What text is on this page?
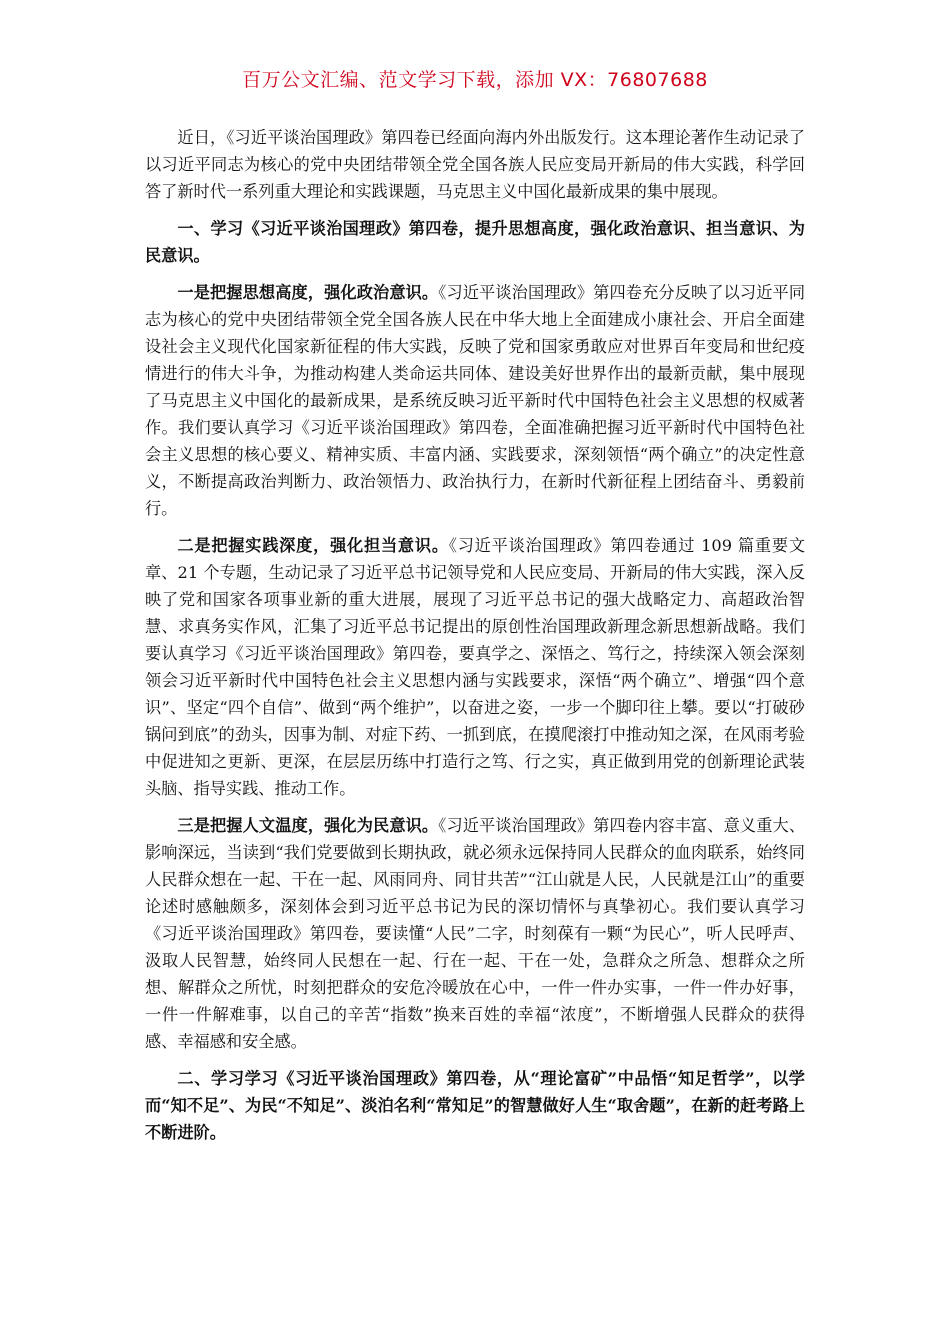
百万公文汇编、范文学习下载，添加 VX：76807688

近日，《习近平谈治国理政》第四卷已经面向海内外出版发行。这本理论著作生动记录了以习近平同志为核心的党中央团结带领全党全国各族人民应变局开新局的伟大实践，科学回答了新时代一系列重大理论和实践课题，马克思主义中国化最新成果的集中展现。

一、学习《习近平谈治国理政》第四卷，提升思想高度，强化政治意识、担当意识、为民意识。

一是把握思想高度，强化政治意识。《习近平谈治国理政》第四卷充分反映了以习近平同志为核心的党中央团结带领全党全国各族人民在中华大地上全面建成小康社会、开启全面建设社会主义现代化国家新征程的伟大实践，反映了党和国家勇敢应对世界百年变局和世纪疫情进行的伟大斗争，为推动构建人类命运共同体、建设美好世界作出的最新贡献，集中展现了马克思主义中国化的最新成果，是系统反映习近平新时代中国特色社会主义思想的权威著作。我们要认真学习《习近平谈治国理政》第四卷，全面准确把握习近平新时代中国特色社会主义思想的核心要义、精神实质、丰富内涵、实践要求，深刻领悟“两个确立”的决定性意义，不断提高政治判断力、政治领悟力、政治执行力，在新时代新征程上团结奋斗、勇毅前行。

二是把握实践深度，强化担当意识。《习近平谈治国理政》第四卷通过 109 篇重要文章、21 个专题，生动记录了习近平总书记领导党和人民应变局、开新局的伟大实践，深入反映了党和国家各项事业新的重大进展，展现了习近平总书记的强大战略定力、高超政治智慧、求真务实作风，汇集了习近平总书记提出的原创性治国理政新理念新思想新战略。我们要认真学习《习近平谈治国理政》第四卷，要真学之、深悟之、笃行之，持续深入领会深刻领会习近平新时代中国特色社会主义思想内涵与实践要求，深悟“两个确立”、增强“四个意识”、坚定“四个自信”、做到“两个维护”，以奋进之姿，一步一个脚印往上攀。要以“打破砂锅问到底”的劲头，因事为制、对症下药、一抓到底，在摸爬滚打中推动知之深，在风雨考验中促进知之更新、更深，在层层历练中打造行之笃、行之实，真正做到用党的创新理论武装头脑、指导实践、推动工作。

三是把握人文温度，强化为民意识。《习近平谈治国理政》第四卷内容丰富、意义重大、影响深远，当读到“我们党要做到长期执政，就必须永远保持同人民群众的血肉联系，始终同人民群众想在一起、干在一起、风雨同舟、同甘共苦”“江山就是人民，人民就是江山”的重要论述时感触颇多，深刻体会到习近平总书记为民的深切情怀与真挚初心。我们要认真学习《习近平谈治国理政》第四卷，要读懂“人民”二字，时刻葆有一颗“为民心”，听人民呼声、汲取人民智慧，始终同人民想在一起、行在一起、干在一处，急群众之所急、想群众之所想、解群众之所忧，时刻把群众的安危冷暖放在心中，一件一件办实事，一件一件办好事，一件一件解难事，以自己的辛苦“指数”换来百姓的幸福“浓度”，不断增强人民群众的获得感、幸福感和安全感。

二、学习学习《习近平谈治国理政》第四卷，从“理论富矿”中品悟“知足哲学”，以学而“知不足”、为民“不知足”、淡泊名利“常知足”的智慧做好人生“取舍题”，在新的赶考路上不断进阶。
